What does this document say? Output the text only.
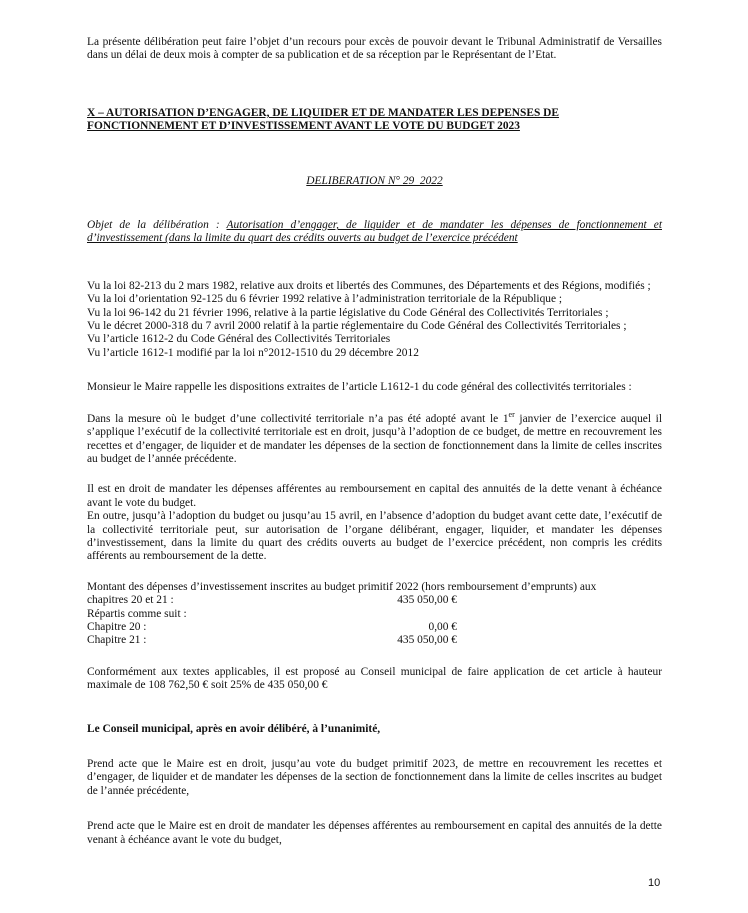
La présente délibération peut faire l’objet d’un recours pour excès de pouvoir devant le Tribunal Administratif de Versailles dans un délai de deux mois à compter de sa publication et de sa réception par le Représentant de l’Etat.

X – AUTORISATION D’ENGAGER, DE LIQUIDER ET DE MANDATER LES DEPENSES DE

FONCTIONNEMENT ET D’INVESTISSEMENT AVANT LE VOTE DU BUDGET 2023

DELIBERATION N° 29_2022

Objet de la délibération : Autorisation d’engager, de liquider et de mandater les dépenses de fonctionnement et d’investissement (dans la limite du quart des crédits ouverts au budget de l’exercice précédent

Vu la loi 82-213 du 2 mars 1982, relative aux droits et libertés des Communes, des Départements et des Régions, modifiés ;

Vu la loi d’orientation 92-125 du 6 février 1992 relative à l’administration territoriale de la République ;

Vu la loi 96-142 du 21 février 1996, relative à la partie législative du Code Général des Collectivités Territoriales ;

Vu le décret 2000-318 du 7 avril 2000 relatif à la partie réglementaire du Code Général des Collectivités Territoriales ;

Vu l’article 1612-2 du Code Général des Collectivités Territoriales

Vu l’article 1612-1 modifié par la loi n°2012-1510 du 29 décembre 2012

Monsieur le Maire rappelle les dispositions extraites de l’article L1612-1 du code général des collectivités territoriales :

Dans la mesure où le budget d’une collectivité territoriale n’a pas été adopté avant le 1er janvier de l’exercice auquel il s’applique l’exécutif de la collectivité territoriale est en droit, jusqu’à l’adoption de ce budget, de mettre en recouvrement les recettes et d’engager, de liquider et de mandater les dépenses de la section de fonctionnement dans la limite de celles inscrites au budget de l’année précédente.

Il est en droit de mandater les dépenses afférentes au remboursement en capital des annuités de la dette venant à échéance avant le vote du budget.

En outre, jusqu’à l’adoption du budget ou jusqu’au 15 avril, en l’absence d’adoption du budget avant cette date, l’exécutif de la collectivité territoriale peut, sur autorisation de l’organe délibérant, engager, liquider, et mandater les dépenses d’investissement, dans la limite du quart des crédits ouverts au budget de l’exercice précédent, non compris les crédits afférents au remboursement de la dette.

Montant des dépenses d’investissement inscrites au budget primitif 2022 (hors remboursement d’emprunts) aux

chapitres 20 et 21 :	435 050,00 €

Répartis comme suit :

Chapitre 20 :	0,00 €
Chapitre 21 :	435 050,00 €

Conformément aux textes applicables, il est proposé au Conseil municipal de faire application de cet article à hauteur maximale de 108 762,50 € soit 25% de 435 050,00 €

Le Conseil municipal, après en avoir délibéré, à l’unanimité,

Prend acte que le Maire est en droit, jusqu’au vote du budget primitif 2023, de mettre en recouvrement les recettes et d’engager, de liquider et de mandater les dépenses de la section de fonctionnement dans la limite de celles inscrites au budget de l’année précédente,

Prend acte que le Maire est en droit de mandater les dépenses afférentes au remboursement en capital des annuités de la dette venant à échéance avant le vote du budget,

10
